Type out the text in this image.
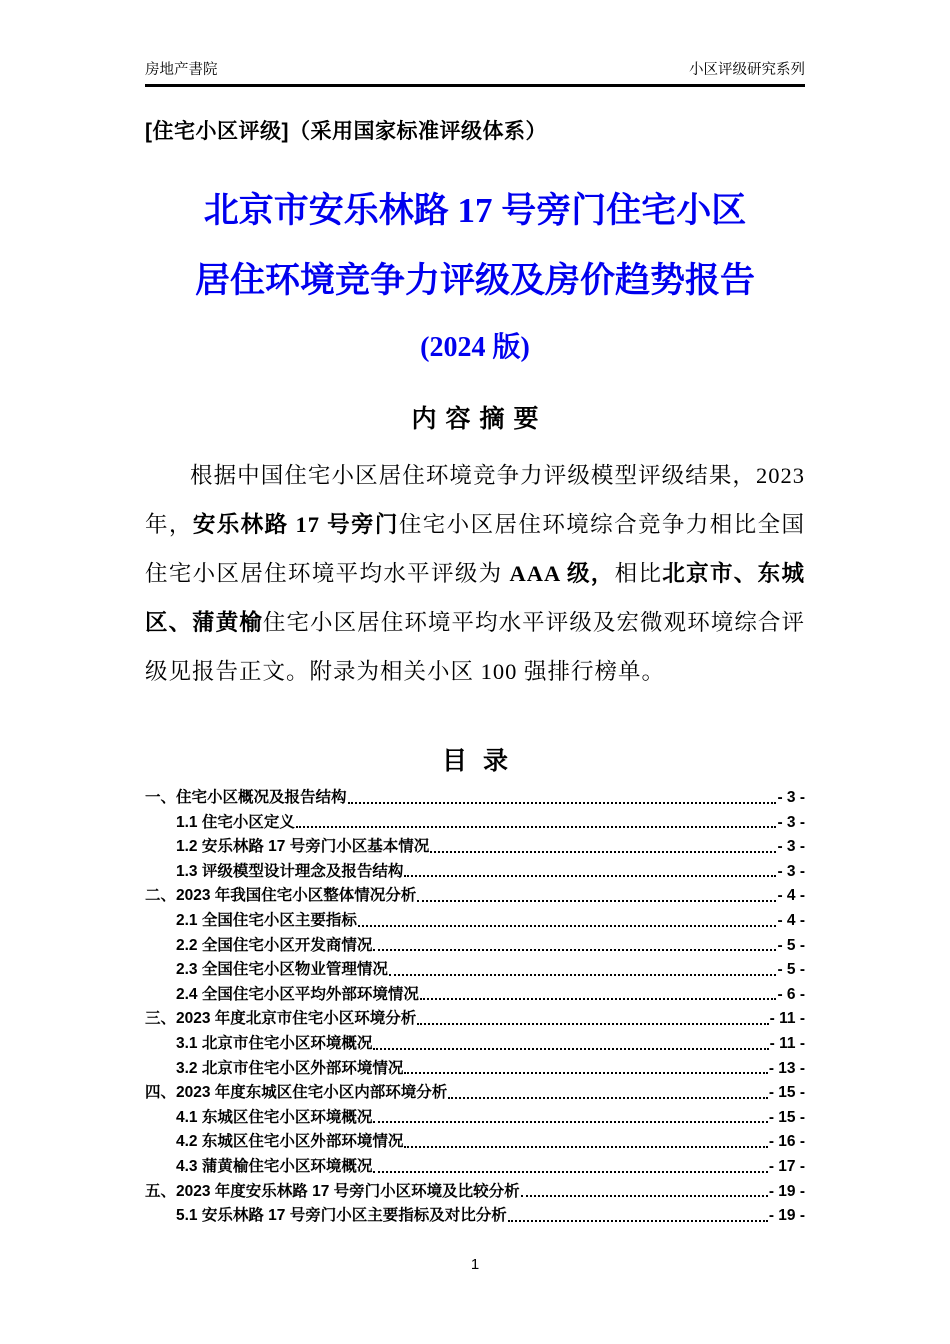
房地产書院	小区评级研究系列
[住宅小区评级]（采用国家标准评级体系）
北京市安乐林路 17 号旁门住宅小区
居住环境竞争力评级及房价趋势报告
(2024 版)
内容摘要
根据中国住宅小区居住环境竞争力评级模型评级结果，2023 年，安乐林路 17 号旁门住宅小区居住环境综合竞争力相比全国住宅小区居住环境平均水平评级为 AAA 级，相比北京市、东城区、蒲黄榆住宅小区居住环境平均水平评级及宏微观环境综合评级见报告正文。附录为相关小区 100 强排行榜单。
目录
一、住宅小区概况及报告结构	- 3 -
1.1 住宅小区定义	- 3 -
1.2 安乐林路 17 号旁门小区基本情况	- 3 -
1.3 评级模型设计理念及报告结构	- 3 -
二、2023 年我国住宅小区整体情况分析	- 4 -
2.1 全国住宅小区主要指标	- 4 -
2.2 全国住宅小区开发商情况	- 5 -
2.3 全国住宅小区物业管理情况	- 5 -
2.4 全国住宅小区平均外部环境情况	- 6 -
三、2023 年度北京市住宅小区环境分析	- 11 -
3.1 北京市住宅小区环境概况	- 11 -
3.2 北京市住宅小区外部环境情况	- 13 -
四、2023 年度东城区住宅小区内部环境分析	- 15 -
4.1 东城区住宅小区环境概况	- 15 -
4.2 东城区住宅小区外部环境情况	- 16 -
4.3 蒲黄榆住宅小区环境概况	- 17 -
五、2023 年度安乐林路 17 号旁门小区环境及比较分析	- 19 -
5.1 安乐林路 17 号旁门小区主要指标及对比分析	- 19 -
1
